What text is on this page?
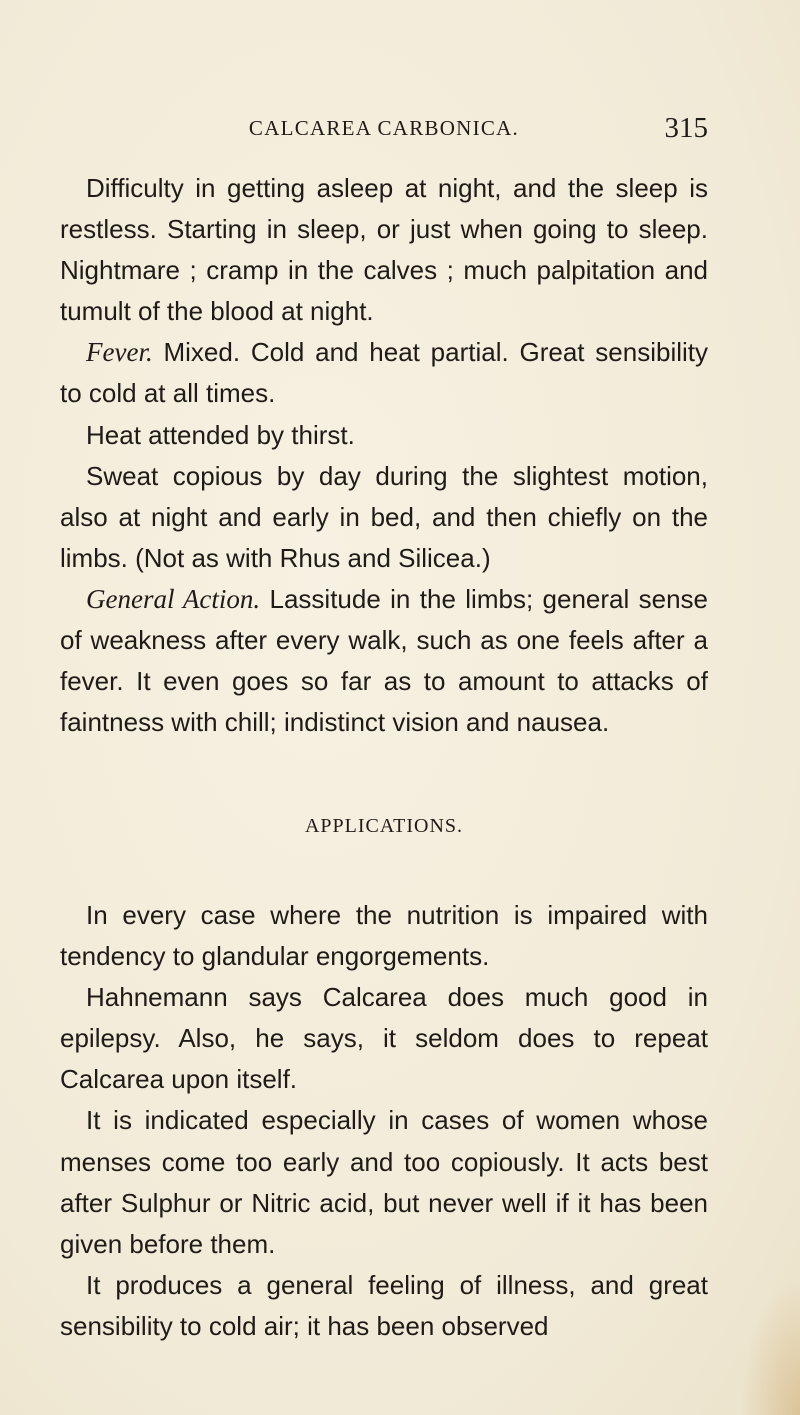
CALCAREA CARBONICA.	315

Difficulty in getting asleep at night, and the sleep is restless. Starting in sleep, or just when going to sleep. Nightmare ; cramp in the calves ; much palpitation and tumult of the blood at night.

Fever. Mixed. Cold and heat partial. Great sensibility to cold at all times.

Heat attended by thirst.

Sweat copious by day during the slightest motion, also at night and early in bed, and then chiefly on the limbs. (Not as with Rhus and Silicea.)

General Action. Lassitude in the limbs; general sense of weakness after every walk, such as one feels after a fever. It even goes so far as to amount to attacks of faintness with chill; indistinct vision and nausea.

APPLICATIONS.

In every case where the nutrition is impaired with tendency to glandular engorgements.

Hahnemann says Calcarea does much good in epilepsy. Also, he says, it seldom does to repeat Calcarea upon itself.

It is indicated especially in cases of women whose menses come too early and too copiously. It acts best after Sulphur or Nitric acid, but never well if it has been given before them.

It produces a general feeling of illness, and great sensibility to cold air; it has been observed
